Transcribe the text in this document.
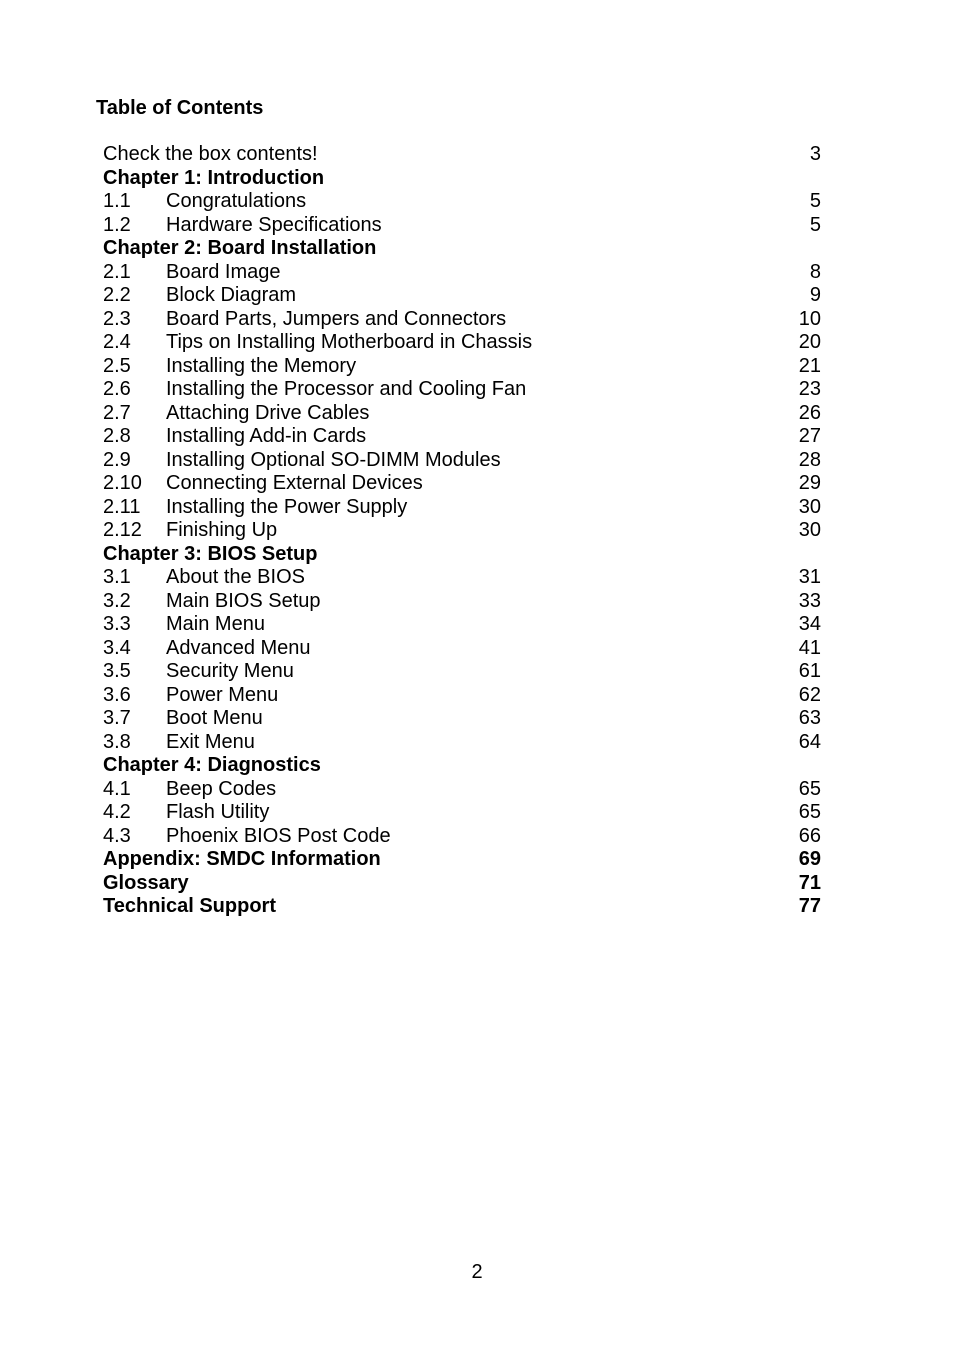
Table of Contents
Check the box contents!	3
Chapter 1: Introduction
1.1 Congratulations	5
1.2 Hardware Specifications	5
Chapter 2: Board Installation
2.1 Board Image	8
2.2 Block Diagram	9
2.3 Board Parts, Jumpers and Connectors	10
2.4 Tips on Installing Motherboard in Chassis	20
2.5 Installing the Memory	21
2.6 Installing the Processor and Cooling Fan	23
2.7 Attaching Drive Cables	26
2.8 Installing Add-in Cards	27
2.9 Installing Optional SO-DIMM Modules	28
2.10 Connecting External Devices	29
2.11 Installing the Power Supply	30
2.12 Finishing Up	30
Chapter 3: BIOS Setup
3.1 About the BIOS	31
3.2 Main BIOS Setup	33
3.3 Main Menu	34
3.4 Advanced Menu	41
3.5 Security Menu	61
3.6 Power Menu	62
3.7 Boot Menu	63
3.8 Exit Menu	64
Chapter 4: Diagnostics
4.1 Beep Codes	65
4.2 Flash Utility	65
4.3 Phoenix BIOS Post Code	66
Appendix: SMDC Information	69
Glossary	71
Technical Support	77
2
